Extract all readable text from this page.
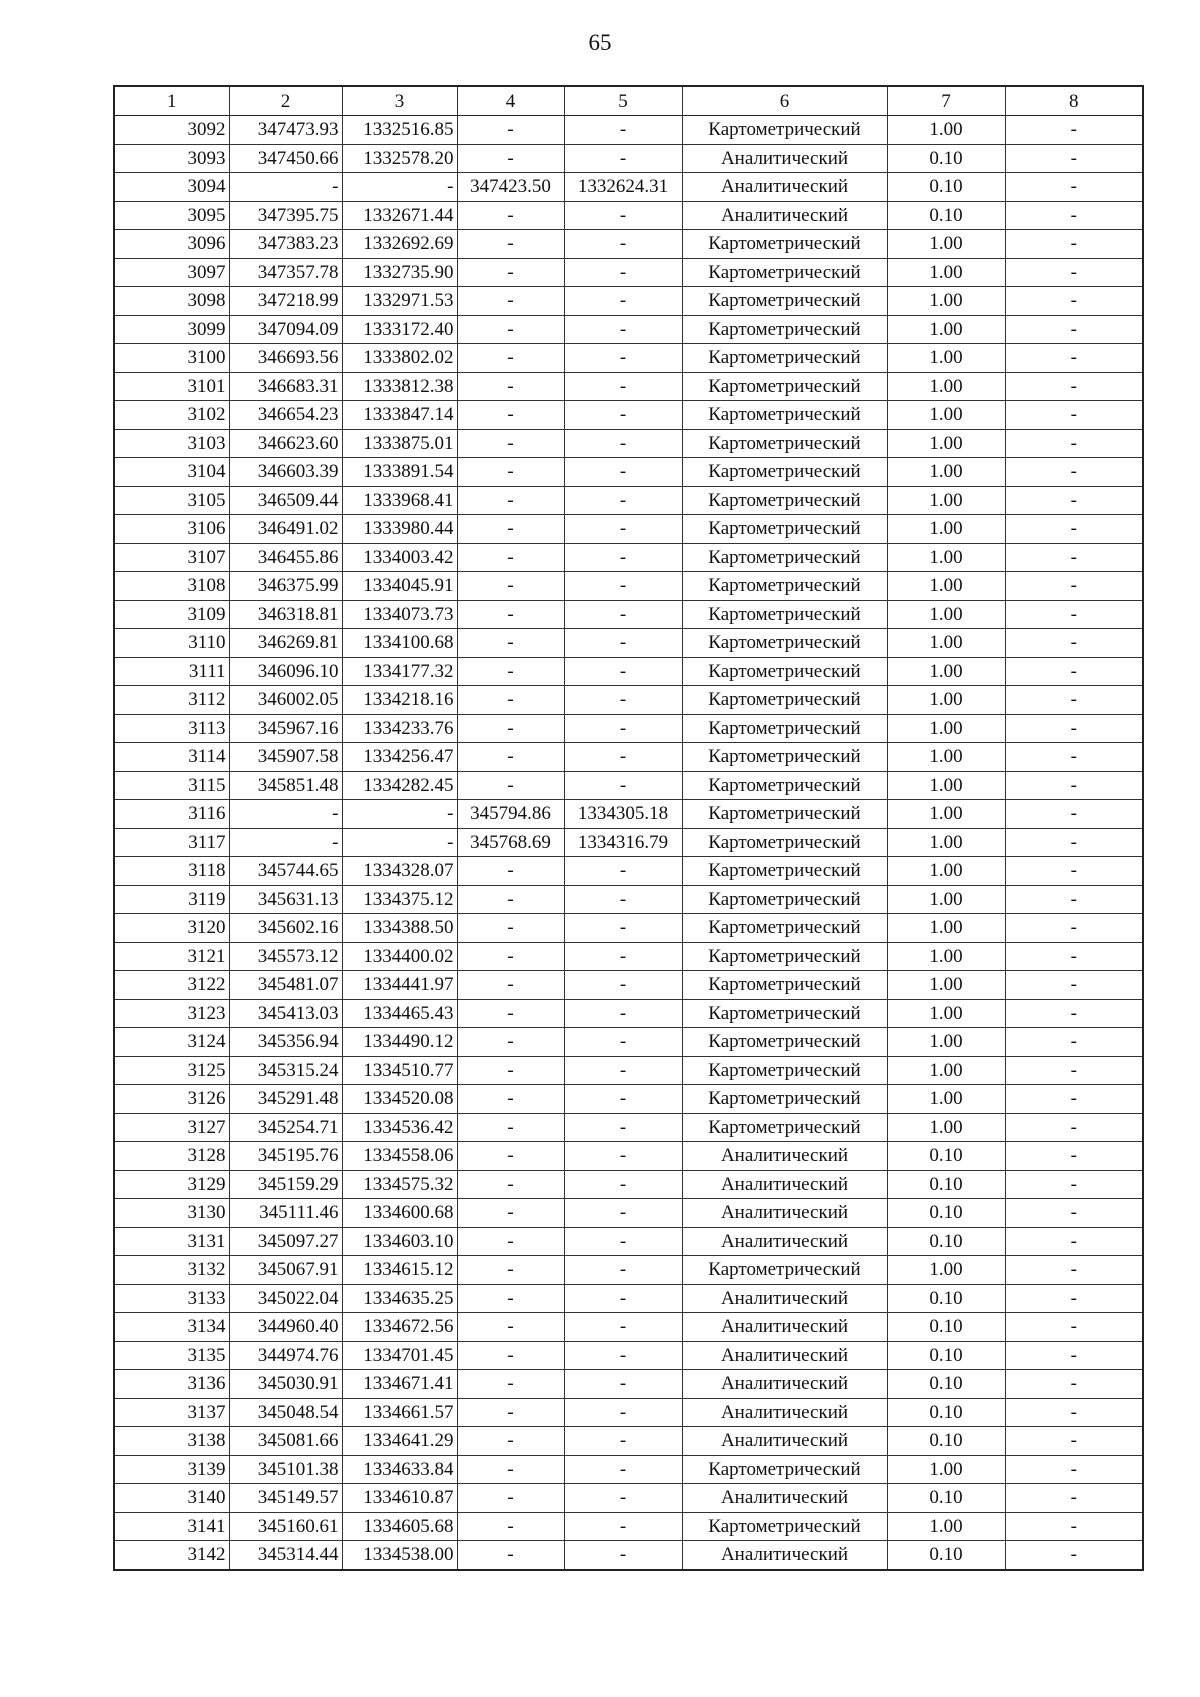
65
1	2	3	4	5	6	7	8
3092	347473.93	1332516.85	-	-	Картометрический	1.00	-
3093	347450.66	1332578.20	-	-	Аналитический	0.10	-
3094	-	-	347423.50	1332624.31	Аналитический	0.10	-
3095	347395.75	1332671.44	-	-	Аналитический	0.10	-
3096	347383.23	1332692.69	-	-	Картометрический	1.00	-
3097	347357.78	1332735.90	-	-	Картометрический	1.00	-
3098	347218.99	1332971.53	-	-	Картометрический	1.00	-
3099	347094.09	1333172.40	-	-	Картометрический	1.00	-
3100	346693.56	1333802.02	-	-	Картометрический	1.00	-
3101	346683.31	1333812.38	-	-	Картометрический	1.00	-
3102	346654.23	1333847.14	-	-	Картометрический	1.00	-
3103	346623.60	1333875.01	-	-	Картометрический	1.00	-
3104	346603.39	1333891.54	-	-	Картометрический	1.00	-
3105	346509.44	1333968.41	-	-	Картометрический	1.00	-
3106	346491.02	1333980.44	-	-	Картометрический	1.00	-
3107	346455.86	1334003.42	-	-	Картометрический	1.00	-
3108	346375.99	1334045.91	-	-	Картометрический	1.00	-
3109	346318.81	1334073.73	-	-	Картометрический	1.00	-
3110	346269.81	1334100.68	-	-	Картометрический	1.00	-
3111	346096.10	1334177.32	-	-	Картометрический	1.00	-
3112	346002.05	1334218.16	-	-	Картометрический	1.00	-
3113	345967.16	1334233.76	-	-	Картометрический	1.00	-
3114	345907.58	1334256.47	-	-	Картометрический	1.00	-
3115	345851.48	1334282.45	-	-	Картометрический	1.00	-
3116	-	-	345794.86	1334305.18	Картометрический	1.00	-
3117	-	-	345768.69	1334316.79	Картометрический	1.00	-
3118	345744.65	1334328.07	-	-	Картометрический	1.00	-
3119	345631.13	1334375.12	-	-	Картометрический	1.00	-
3120	345602.16	1334388.50	-	-	Картометрический	1.00	-
3121	345573.12	1334400.02	-	-	Картометрический	1.00	-
3122	345481.07	1334441.97	-	-	Картометрический	1.00	-
3123	345413.03	1334465.43	-	-	Картометрический	1.00	-
3124	345356.94	1334490.12	-	-	Картометрический	1.00	-
3125	345315.24	1334510.77	-	-	Картометрический	1.00	-
3126	345291.48	1334520.08	-	-	Картометрический	1.00	-
3127	345254.71	1334536.42	-	-	Картометрический	1.00	-
3128	345195.76	1334558.06	-	-	Аналитический	0.10	-
3129	345159.29	1334575.32	-	-	Аналитический	0.10	-
3130	345111.46	1334600.68	-	-	Аналитический	0.10	-
3131	345097.27	1334603.10	-	-	Аналитический	0.10	-
3132	345067.91	1334615.12	-	-	Картометрический	1.00	-
3133	345022.04	1334635.25	-	-	Аналитический	0.10	-
3134	344960.40	1334672.56	-	-	Аналитический	0.10	-
3135	344974.76	1334701.45	-	-	Аналитический	0.10	-
3136	345030.91	1334671.41	-	-	Аналитический	0.10	-
3137	345048.54	1334661.57	-	-	Аналитический	0.10	-
3138	345081.66	1334641.29	-	-	Аналитический	0.10	-
3139	345101.38	1334633.84	-	-	Картометрический	1.00	-
3140	345149.57	1334610.87	-	-	Аналитический	0.10	-
3141	345160.61	1334605.68	-	-	Картометрический	1.00	-
3142	345314.44	1334538.00	-	-	Аналитический	0.10	-
